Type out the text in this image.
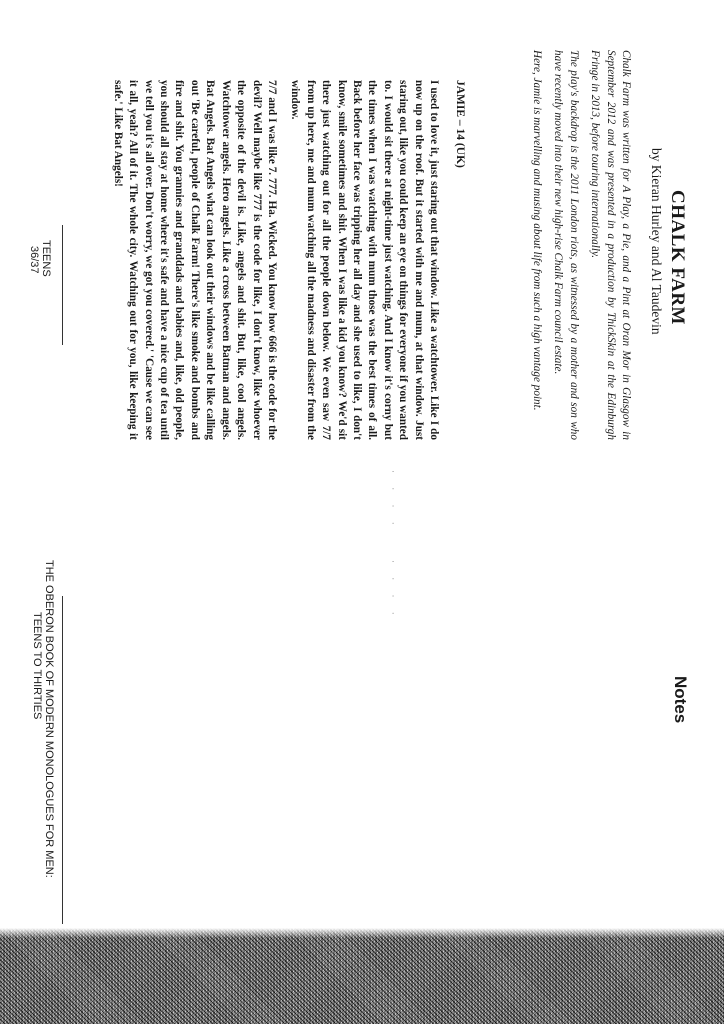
CHALK FARM
by Kieran Hurley and Al Taudevin
Chalk Farm was written for A Play, a Pie, and a Pint at Oran Mor in Glasgow in September 2012 and was presented in a production by ThickSkin at the Edinburgh Fringe in 2013, before touring internationally.
The play's backdrop is the 2011 London riots, as witnessed by a mother and son who have recently moved into their new high-rise Chalk Farm council estate.
Here, Jamie is marvelling and musing about life from such a high vantage point.
· · · ·
· · · ·
JAMIE – 14 (UK)
I used to love it, just staring out that window. Like a watchtower. Like I do now up on the roof. But it started with me and mum, at that window. Just staring out, like you could keep an eye on things for everyone if you wanted to. I would sit there at night-time just watching. And I know it's corny but the times when I was watching with mum those was the best times of all. Back before her face was tripping her all day and she used to like, I don't know, smile sometimes and shit. When I was like a kid you know? We'd sit there just watching out for all the people down below. We even saw 7/7 from up here, me and mum watching all the madness and disaster from the window.
7/7 and I was like 7. 777. Ha. Wicked. You know how 666 is the code for the devil? Well maybe like 777 is the code for like, I don't know, like whoever the opposite of the devil is. Like, angels and shit. But, like, cool angels. Watchtower angels. Hero angels. Like a cross between Batman and angels. Bat Angels. Bat Angels what can look out their windows and be like calling out 'Be careful, people of Chalk Farm! There's like smoke and bombs and fire and shit. You grannies and granddads and babies and, like, old people, you should all stay at home where it's safe and have a nice cup of tea until we tell you it's all over. Don't worry, we got you covered.' 'Cause we can see it all, yeah? All of it. The whole city. Watching out for you, like keeping it safe.' Like Bat Angels!
TEENS
36/37
Notes
THE OBERON BOOK OF MODERN MONOLOGUES FOR MEN:
TEENS TO THIRTIES
